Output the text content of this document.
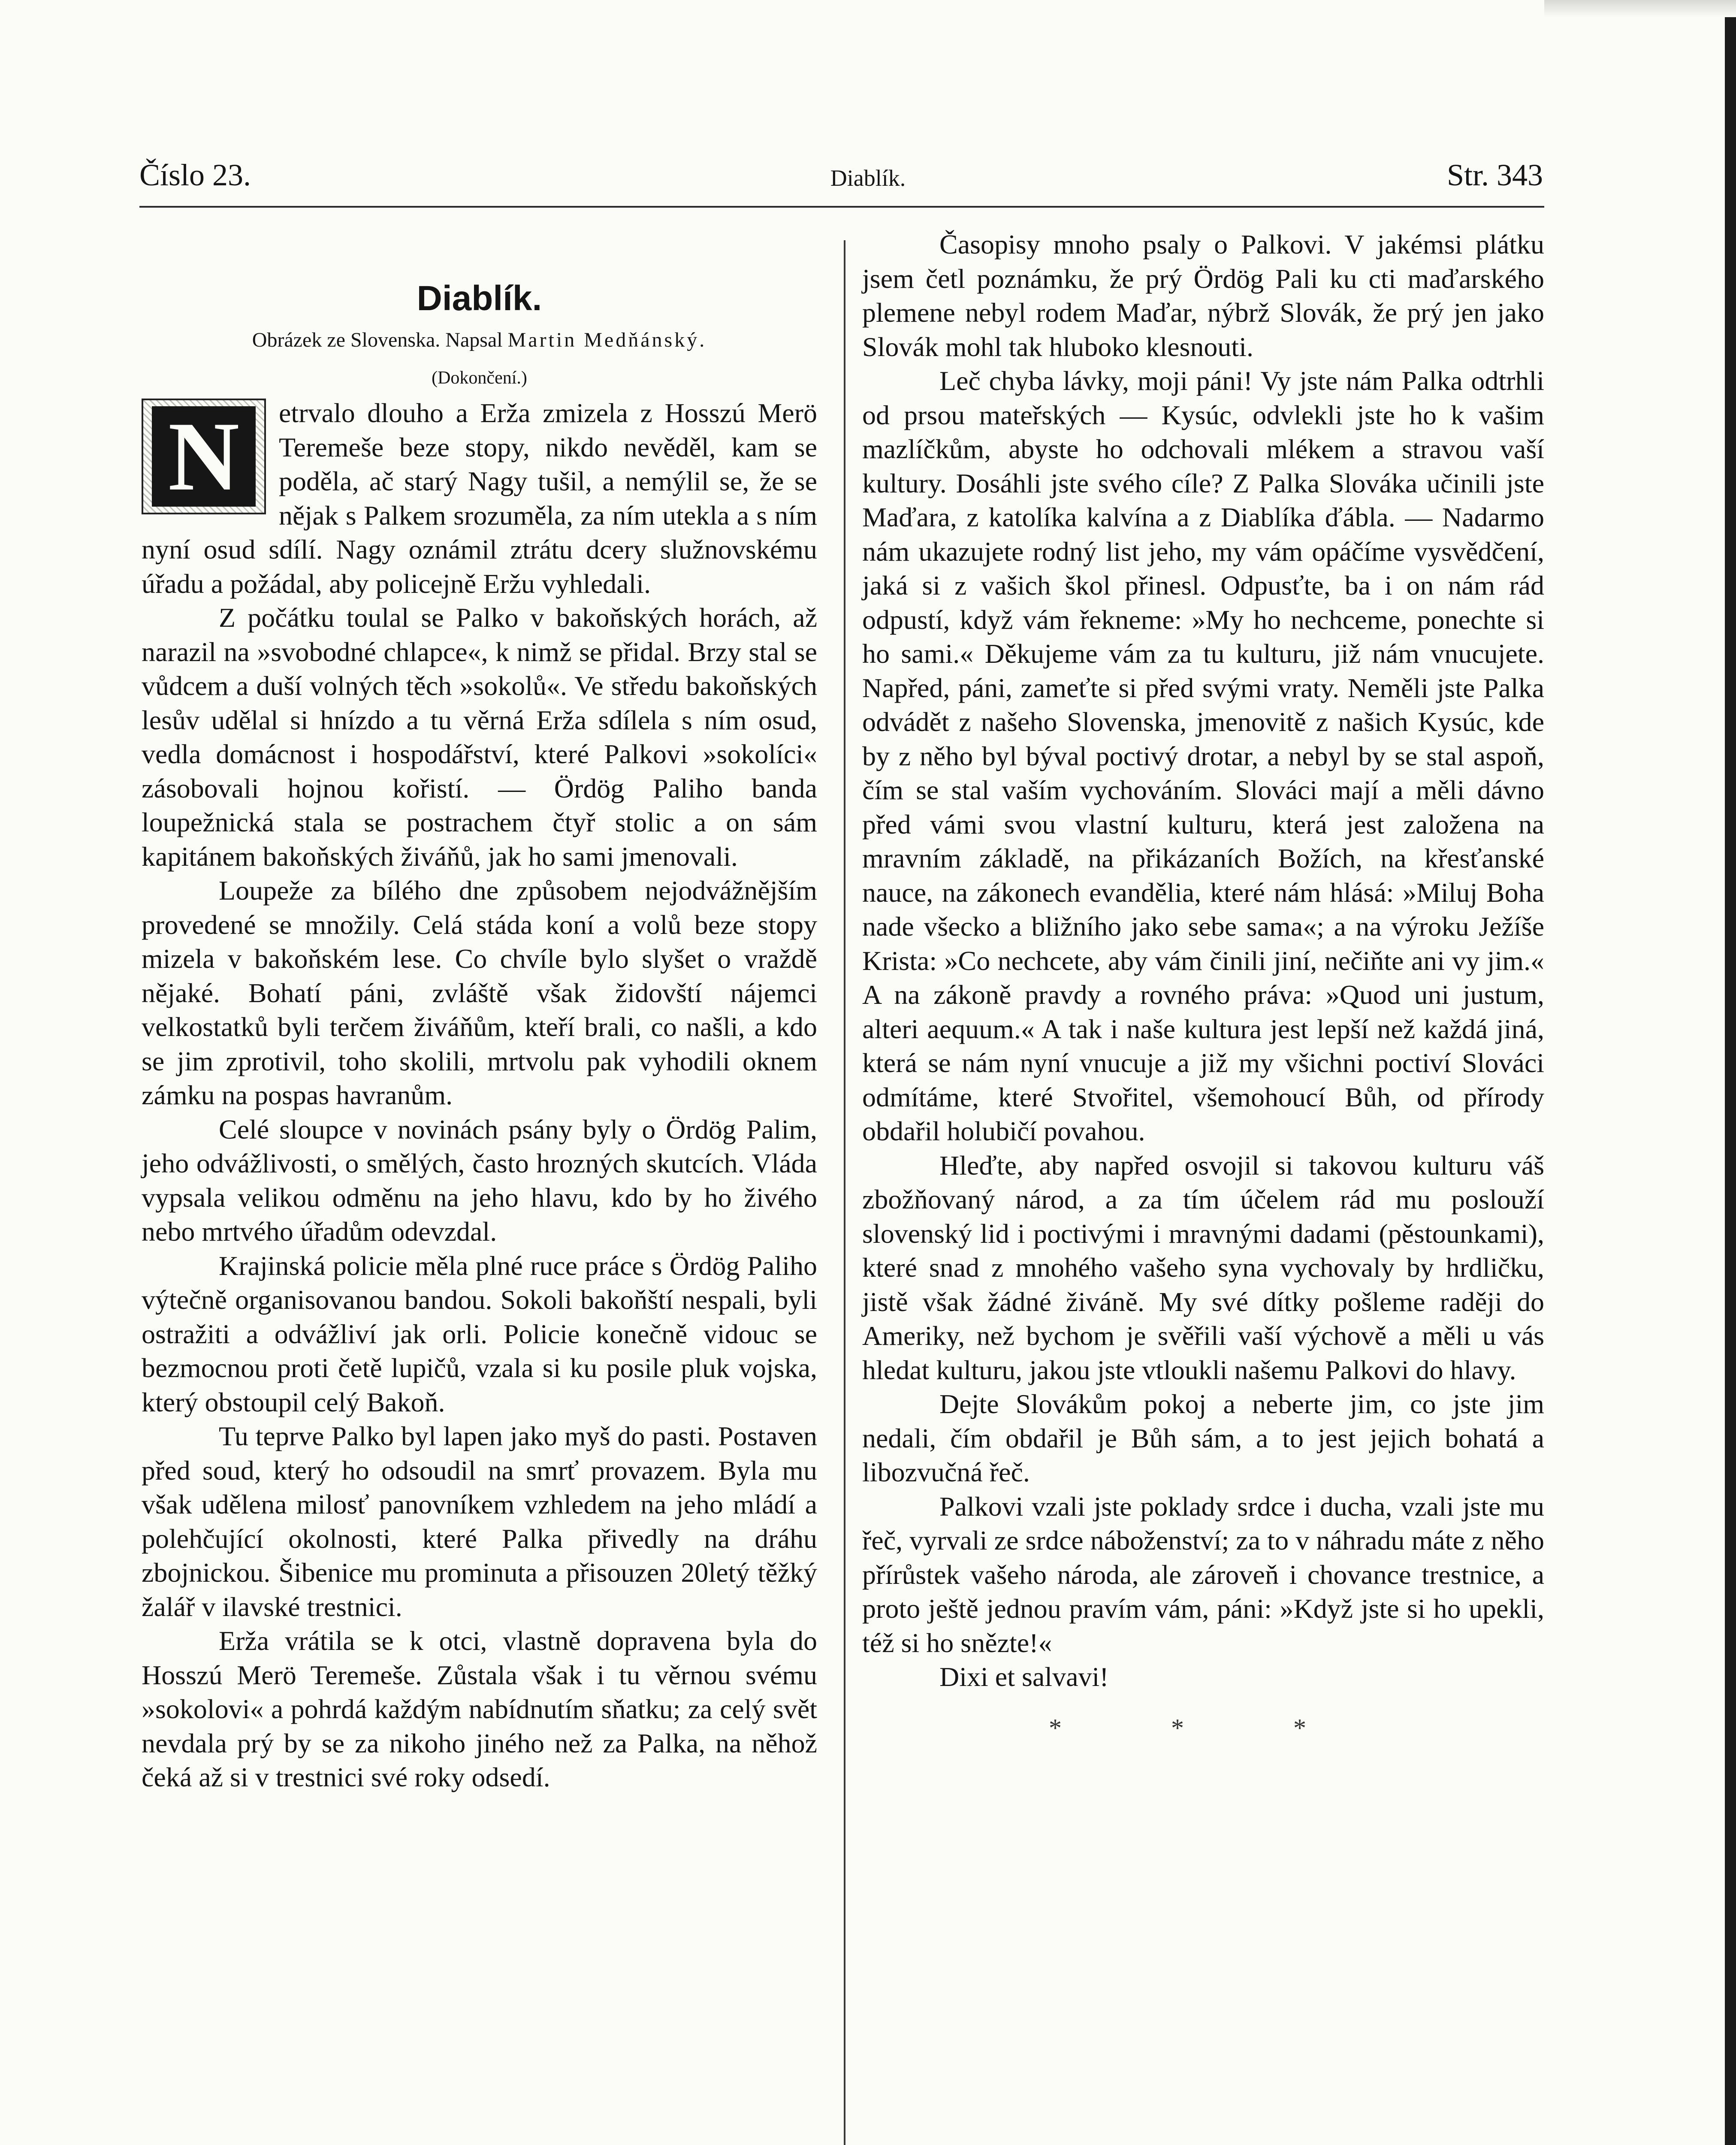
Číslo 23.	Diablík.	Str. 343
Diablík.
Obrázek ze Slovenska. Napsal Martin Medňánský.
(Dokončení.)

N	etrvalo dlouho a Erža zmizela z Hosszú Merö Teremeše beze stopy, nikdo nevěděl, kam se poděla, ač starý Nagy tušil, a nemýlil se, že se nějak s Palkem srozuměla, za ním utekla a s ním nyní osud sdílí. Nagy oznámil ztrátu dcery služnovskému úřadu a požádal, aby policejně Eržu vyhledali.

Z počátku toulal se Palko v bakoňských horách, až narazil na »svobodné chlapce«, k nimž se přidal. Brzy stal se vůdcem a duší volných těch »sokolů«. Ve středu bakoňských lesův udělal si hnízdo a tu věrná Erža sdílela s ním osud, vedla domácnost i hospodářství, které Palkovi »sokolíci« zásobovali hojnou kořistí. — Ördög Paliho banda loupežnická stala se postrachem čtyř stolic a on sám kapitánem bakoňských živáňů, jak ho sami jmenovali.

Loupeže za bílého dne způsobem nejodvážnějším provedené se množily. Celá stáda koní a volů beze stopy mizela v bakoňském lese. Co chvíle bylo slyšet o vraždě nějaké. Bohatí páni, zvláště však židovští nájemci velkostatků byli terčem živáňům, kteří brali, co našli, a kdo se jim zprotivil, toho skolili, mrtvolu pak vyhodili oknem zámku na pospas havranům.

Celé sloupce v novinách psány byly o Ördög Palim, jeho odvážlivosti, o smělých, často hrozných skutcích. Vláda vypsala velikou odměnu na jeho hlavu, kdo by ho živého nebo mrtvého úřadům odevzdal.

Krajinská policie měla plné ruce práce s Ördög Paliho výtečně organisovanou bandou. Sokoli bakoňští nespali, byli ostražiti a odvážliví jak orli. Policie konečně vidouc se bezmocnou proti četě lupičů, vzala si ku posile pluk vojska, který obstoupil celý Bakoň.

Tu teprve Palko byl lapen jako myš do pasti. Postaven před soud, který ho odsoudil na smrť provazem. Byla mu však udělena milosť panovníkem vzhledem na jeho mládí a polehčující okolnosti, které Palka přivedly na dráhu zbojnickou. Šibenice mu prominuta a přisouzen 20letý těžký žalář v ilavské trestnici.

Erža vrátila se k otci, vlastně dopravena byla do Hosszú Merö Teremeše. Zůstala však i tu věrnou svému »sokolovi« a pohrdá každým nabídnutím sňatku; za celý svět nevdala prý by se za nikoho jiného než za Palka, na něhož čeká až si v trestnici své roky odsedí.

Časopisy mnoho psaly o Palkovi. V jakémsi plátku jsem četl poznámku, že prý Ördög Pali ku cti maďarského plemene nebyl rodem Maďar, nýbrž Slovák, že prý jen jako Slovák mohl tak hluboko klesnouti.

Leč chyba lávky, moji páni! Vy jste nám Palka odtrhli od prsou mateřských — Kysúc, odvlekli jste ho k vašim mazlíčkům, abyste ho odchovali mlékem a stravou vaší kultury. Dosáhli jste svého cíle? Z Palka Slováka učinili jste Maďara, z katolíka kalvína a z Diablíka ďábla. — Nadarmo nám ukazujete rodný list jeho, my vám opáčíme vysvědčení, jaká si z vašich škol přinesl. Odpusťte, ba i on nám rád odpustí, když vám řekneme: »My ho nechceme, ponechte si ho sami.« Děkujeme vám za tu kulturu, již nám vnucujete. Napřed, páni, zameťte si před svými vraty. Neměli jste Palka odvádět z našeho Slovenska, jmenovitě z našich Kysúc, kde by z něho byl býval poctivý drotar, a nebyl by se stal aspoň, čím se stal vaším vychováním. Slováci mají a měli dávno před vámi svou vlastní kulturu, která jest založena na mravním základě, na přikázaních Božích, na křesťanské nauce, na zákonech evandělia, které nám hlásá: »Miluj Boha nade všecko a bližního jako sebe sama«; a na výroku Ježíše Krista: »Co nechcete, aby vám činili jiní, nečiňte ani vy jim.« A na zákoně pravdy a rovného práva: »Quod uni justum, alteri aequum.« A tak i naše kultura jest lepší než každá jiná, která se nám nyní vnucuje a již my všichni poctiví Slováci odmítáme, které Stvořitel, všemohoucí Bůh, od přírody obdařil holubičí povahou.

Hleďte, aby napřed osvojil si takovou kulturu váš zbožňovaný národ, a za tím účelem rád mu poslouží slovenský lid i poctivými i mravnými dadami (pěstounkami), které snad z mnohého vašeho syna vychovaly by hrdličku, jistě však žádné živáně. My své dítky pošleme raději do Ameriky, než bychom je svěřili vaší výchově a měli u vás hledat kulturu, jakou jste vtloukli našemu Palkovi do hlavy.

Dejte Slovákům pokoj a neberte jim, co jste jim nedali, čím obdařil je Bůh sám, a to jest jejich bohatá a libozvučná řeč.

Palkovi vzali jste poklady srdce i ducha, vzali jste mu řeč, vyrvali ze srdce náboženství; za to v náhradu máte z něho přírůstek vašeho národa, ale zároveň i chovance trestnice, a proto ještě jednou pravím vám, páni: »Když jste si ho upekli, též si ho snězte!«

Dixi et salvavi!

* * *
